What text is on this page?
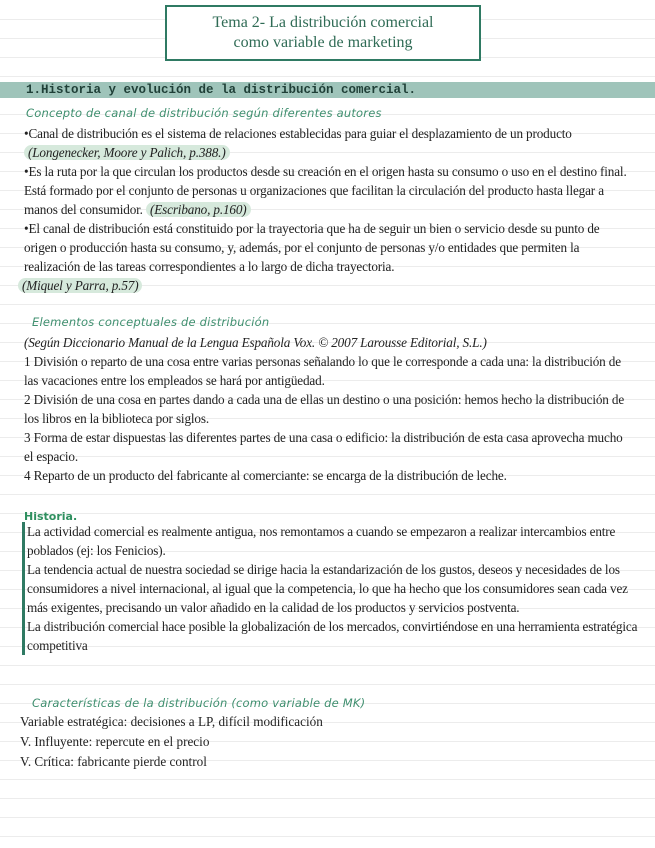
Tema 2- La distribución comercial
como variable de marketing
1.Historia y evolución de la distribución comercial.
Concepto de canal de distribución según diferentes autores

•Canal de distribución es el sistema de relaciones establecidas para guiar el desplazamiento de un producto (Longenecker, Moore y Palich, p.388.)

•Es la ruta por la que circulan los productos desde su creación en el origen hasta su consumo o uso en el destino final. Está formado por el conjunto de personas u organizaciones que facilitan la circulación del producto hasta llegar a manos del consumidor. (Escribano, p.160)

•El canal de distribución está constituido por la trayectoria que ha de seguir un bien o servicio desde su punto de origen o producción hasta su consumo, y, además, por el conjunto de personas y/o entidades que permiten la realización de las tareas correspondientes a lo largo de dicha trayectoria.

(Miquel y Parra, p.57)

Elementos conceptuales de distribución

(Según Diccionario Manual de la Lengua Española Vox. © 2007 Larousse Editorial, S.L.)

1 División o reparto de una cosa entre varias personas señalando lo que le corresponde a cada una: la distribución de las vacaciones entre los empleados se hará por antigüedad.

2 División de una cosa en partes dando a cada una de ellas un destino o una posición: hemos hecho la distribución de los libros en la biblioteca por siglos.

3 Forma de estar dispuestas las diferentes partes de una casa o edificio: la distribución de esta casa aprovecha mucho el espacio.

4 Reparto de un producto del fabricante al comerciante: se encarga de la distribución de leche.

Historia.

La actividad comercial es realmente antigua, nos remontamos a cuando se empezaron a realizar intercambios entre poblados (ej: los Fenicios).

La tendencia actual de nuestra sociedad se dirige hacia la estandarización de los gustos, deseos y necesidades de los consumidores a nivel internacional, al igual que la competencia, lo que ha hecho que los consumidores sean cada vez más exigentes, precisando un valor añadido en la calidad de los productos y servicios postventa.

La distribución comercial hace posible la globalización de los mercados, convirtiéndose en una herramienta estratégica competitiva

Características de la distribución (como variable de MK)

Variable estratégica: decisiones a LP, difícil modificación

V. Influyente: repercute en el precio

V. Crítica: fabricante pierde control
